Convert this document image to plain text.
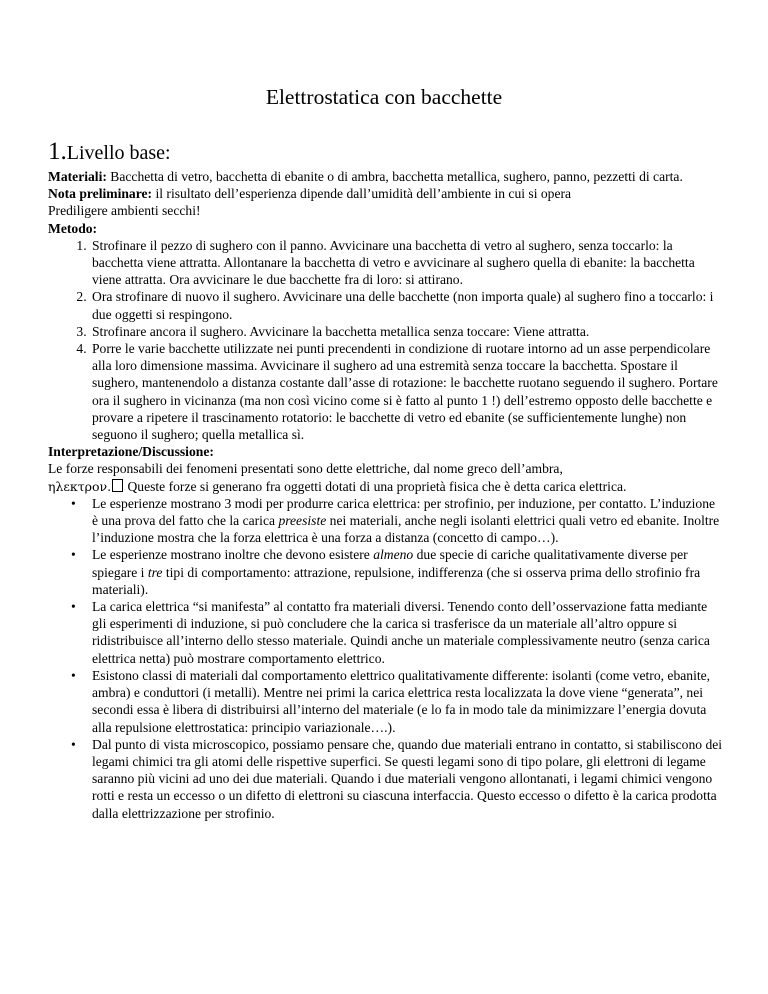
Elettrostatica con bacchette
1.Livello base:

Materiali: Bacchetta di vetro, bacchetta di ebanite o di ambra, bacchetta metallica, sughero, panno, pezzetti di carta.

Nota preliminare: il risultato dell’esperienza dipende dall’umidità dell’ambiente in cui si opera

Prediligere ambienti secchi!

Metodo:

1. Strofinare il pezzo di sughero con il panno. Avvicinare una bacchetta di vetro al sughero, senza toccarlo: la bacchetta viene attratta. Allontanare la bacchetta di vetro e avvicinare al sughero quella di ebanite: la bacchetta viene attratta. Ora avvicinare le due bacchette fra di loro: si attirano.
2. Ora strofinare di nuovo il sughero. Avvicinare una delle bacchette (non importa quale) al sughero fino a toccarlo: i due oggetti si respingono.
3. Strofinare ancora il sughero. Avvicinare la bacchetta metallica senza toccare: Viene attratta.
4. Porre le varie bacchette utilizzate nei punti precendenti in condizione di ruotare intorno ad un asse perpendicolare alla loro dimensione massima. Avvicinare il sughero ad una estremità senza toccare la bacchetta. Spostare il sughero, mantenendolo a distanza costante dall’asse di rotazione: le bacchette ruotano seguendo il sughero. Portare ora il sughero in vicinanza (ma non così vicino come si è fatto al punto 1 !) dell’estremo opposto delle bacchette e provare a ripetere il trascinamento rotatorio: le bacchette di vetro ed ebanite (se sufficientemente lunghe) non seguono il sughero; quella metallica sì.

Interpretazione/Discussione:

Le forze responsabili dei fenomeni presentati sono dette elettriche, dal nome greco dell’ambra,
ηλεκτρον. Queste forze si generano fra oggetti dotati di una proprietà fisica che è detta carica elettrica.

• Le esperienze mostrano 3 modi per produrre carica elettrica: per strofinio, per induzione, per contatto. L’induzione è una prova del fatto che la carica preesiste nei materiali, anche negli isolanti elettrici quali vetro ed ebanite. Inoltre l’induzione mostra che la forza elettrica è una forza a distanza (concetto di campo…).
• Le esperienze mostrano inoltre che devono esistere almeno due specie di cariche qualitativamente diverse per spiegare i tre tipi di comportamento: attrazione, repulsione, indifferenza (che si osserva prima dello strofinio fra materiali).
• La carica elettrica “si manifesta” al contatto fra materiali diversi. Tenendo conto dell’osservazione fatta mediante gli esperimenti di induzione, si può concludere che la carica si trasferisce da un materiale all’altro oppure si ridistribuisce all’interno dello stesso materiale. Quindi anche un materiale complessivamente neutro (senza carica elettrica netta) può mostrare comportamento elettrico.
• Esistono classi di materiali dal comportamento elettrico qualitativamente differente: isolanti (come vetro, ebanite, ambra) e conduttori (i metalli). Mentre nei primi la carica elettrica resta localizzata la dove viene “generata”, nei secondi essa è libera di distribuirsi all’interno del materiale (e lo fa in modo tale da minimizzare l’energia dovuta alla repulsione elettrostatica: principio variazionale….).
• Dal punto di vista microscopico, possiamo pensare che, quando due materiali entrano in contatto, si stabiliscono dei legami chimici tra gli atomi delle rispettive superfici. Se questi legami sono di tipo polare, gli elettroni di legame saranno più vicini ad uno dei due materiali. Quando i due materiali vengono allontanati, i legami chimici vengono rotti e resta un eccesso o un difetto di elettroni su ciascuna interfaccia. Questo eccesso o difetto è la carica prodotta dalla elettrizzazione per strofinio.
